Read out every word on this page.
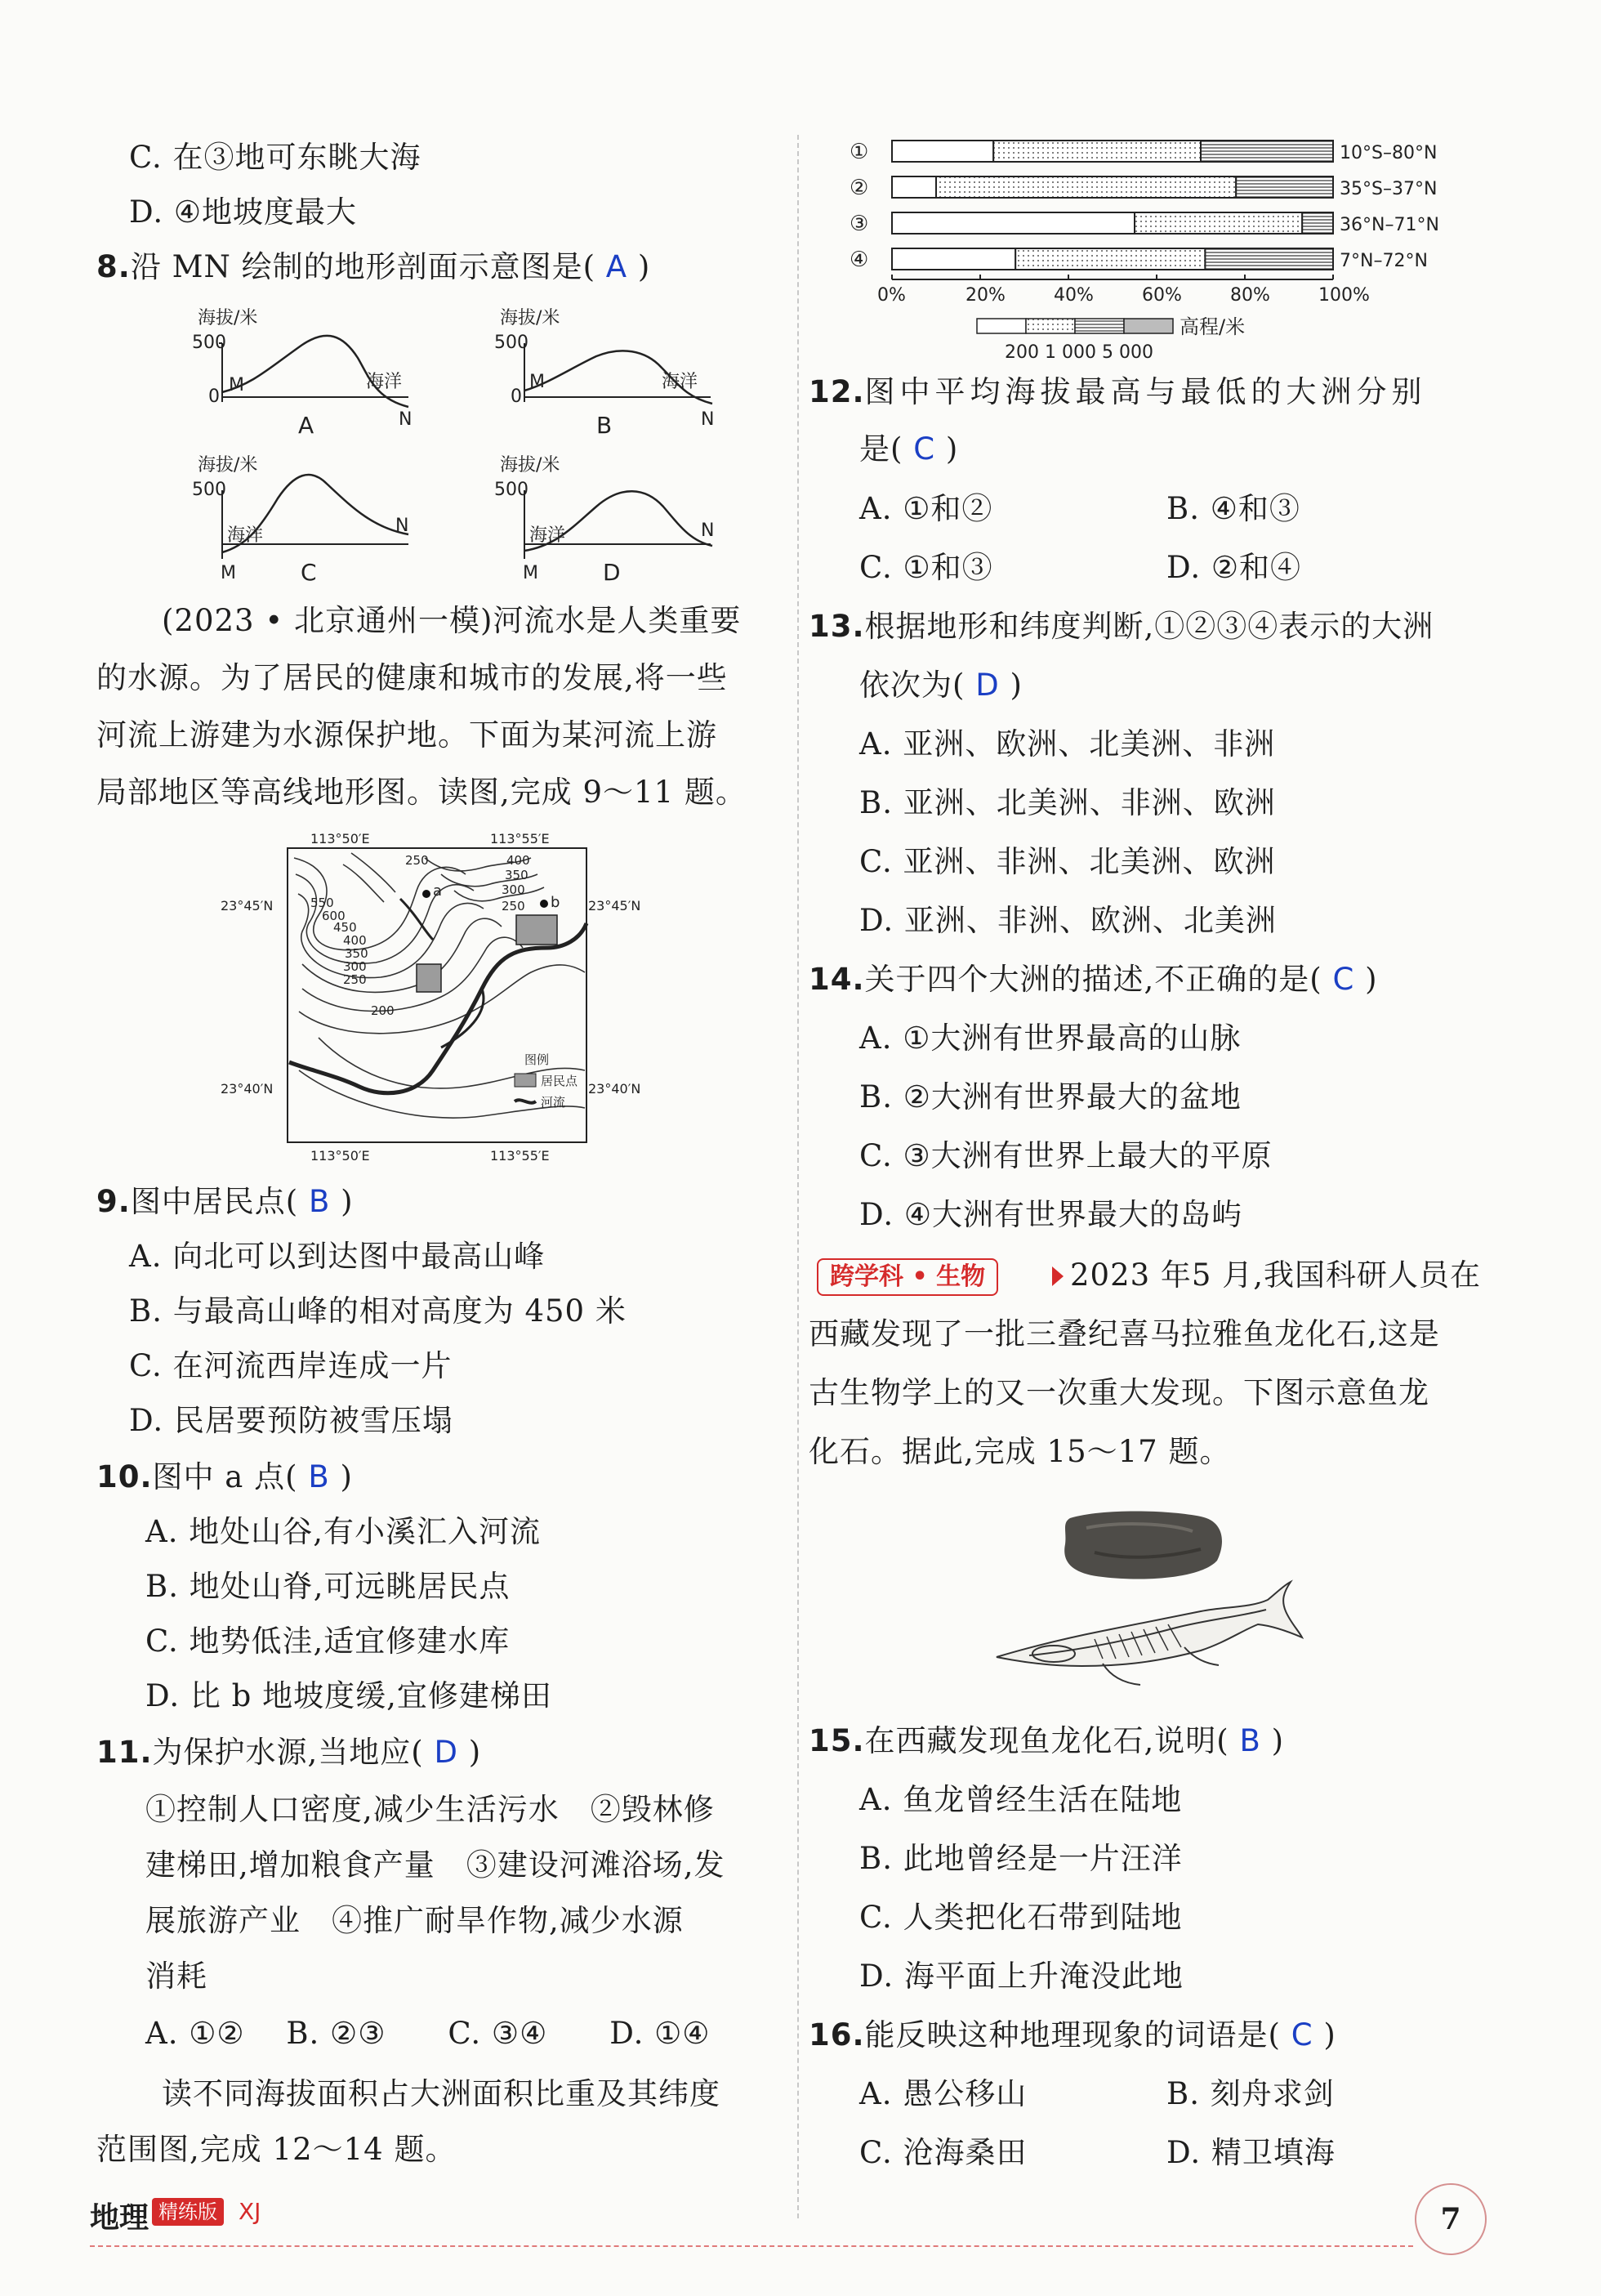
C. 在③地可东眺大海
D. ④地坡度最大
8.沿 MN 绘制的地形剖面示意图是( A )
海拔/米
500
0
M
N
海洋
A
海拔/米
500
0
M
N
海洋
B
海拔/米
500
M
N
海洋
C
海拔/米
500
M
N
海洋
D
(2023 • 北京通州一模)河流水是人类重要
的水源。为了居民的健康和城市的发展,将一些
河流上游建为水源保护地。下面为某河流上游
局部地区等高线地形图。读图,完成 9～11 题。
113°50′E	113°55′E
23°45′N
23°40′N
23°45′N
23°40′N
a
b
250	400
350
300
250
550
600
450
400
350
300
250
200
图例
居民点
河流
113°50′E	113°55′E
9.图中居民点( B )
A. 向北可以到达图中最高山峰
B. 与最高山峰的相对高度为 450 米
C. 在河流西岸连成一片
D. 民居要预防被雪压塌
10.图中 a 点( B )
A. 地处山谷,有小溪汇入河流
B. 地处山脊,可远眺居民点
C. 地势低洼,适宜修建水库
D. 比 b 地坡度缓,宜修建梯田
11.为保护水源,当地应( D )
①控制人口密度,减少生活污水　②毁林修
建梯田,增加粮食产量　③建设河滩浴场,发
展旅游产业　④推广耐旱作物,减少水源
消耗
A. ①②　 B. ②③　　C. ③④　　D. ①④
读不同海拔面积占大洲面积比重及其纬度
范围图,完成 12～14 题。
①	10°S–80°N
②	35°S–37°N
③	36°N–71°N
④	7°N–72°N
0%	20%	40%	60%	80%	100%
高程/米
200 1 000 5 000
12.图中平均海拔最高与最低的大洲分别
是( C )
A. ①和②	B. ④和③
C. ①和③	D. ②和④
13.根据地形和纬度判断,①②③④表示的大洲
依次为( D )
A. 亚洲、欧洲、北美洲、非洲
B. 亚洲、北美洲、非洲、欧洲
C. 亚洲、非洲、北美洲、欧洲
D. 亚洲、非洲、欧洲、北美洲
14.关于四个大洲的描述,不正确的是( C )
A. ①大洲有世界最高的山脉
B. ②大洲有世界最大的盆地
C. ③大洲有世界上最大的平原
D. ④大洲有世界最大的岛屿
跨学科 • 生物	2023 年5 月,我国科研人员在
西藏发现了一批三叠纪喜马拉雅鱼龙化石,这是
古生物学上的又一次重大发现。下图示意鱼龙
化石。据此,完成 15～17 题。
15.在西藏发现鱼龙化石,说明( B )
A. 鱼龙曾经生活在陆地
B. 此地曾经是一片汪洋
C. 人类把化石带到陆地
D. 海平面上升淹没此地
16.能反映这种地理现象的词语是( C )
A. 愚公移山	B. 刻舟求剑
C. 沧海桑田	D. 精卫填海
地理 精练版 XJ	7
